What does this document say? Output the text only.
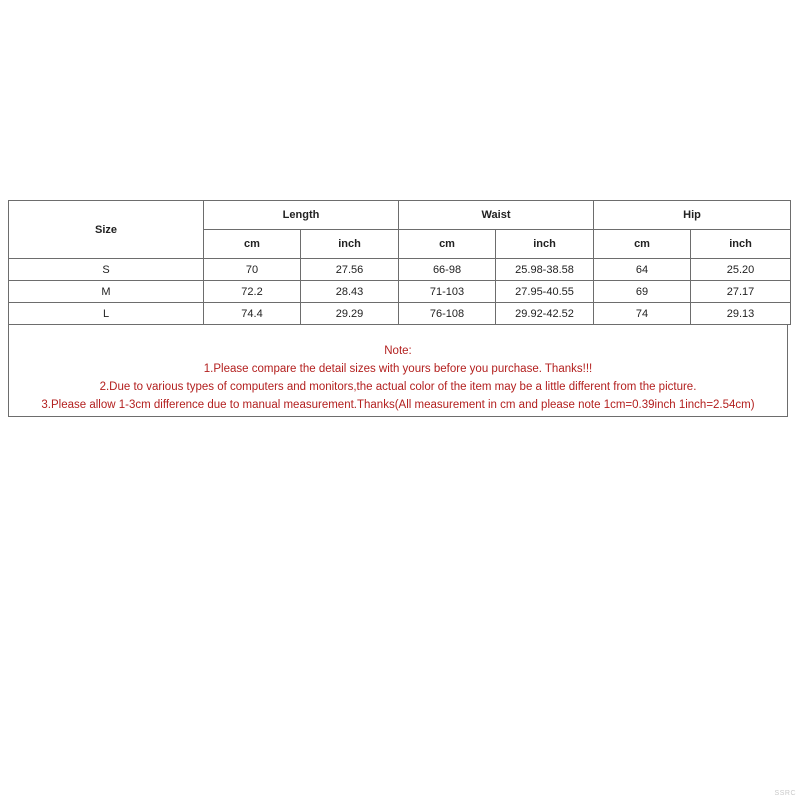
Size	Length		Waist		Hip	
	cm	inch	cm	inch	cm	inch
S	70	27.56	66-98	25.98-38.58	64	25.20
M	72.2	28.43	71-103	27.95-40.55	69	27.17
L	74.4	29.29	76-108	29.92-42.52	74	29.13
Note:
1.Please compare the detail sizes with yours before you purchase. Thanks!!!
2.Due to various types of computers and monitors,the actual color of the item may be a little different from the picture.
3.Please allow 1-3cm difference due to manual measurement.Thanks(All measurement in cm and please note 1cm=0.39inch 1inch=2.54cm)
SSRC
